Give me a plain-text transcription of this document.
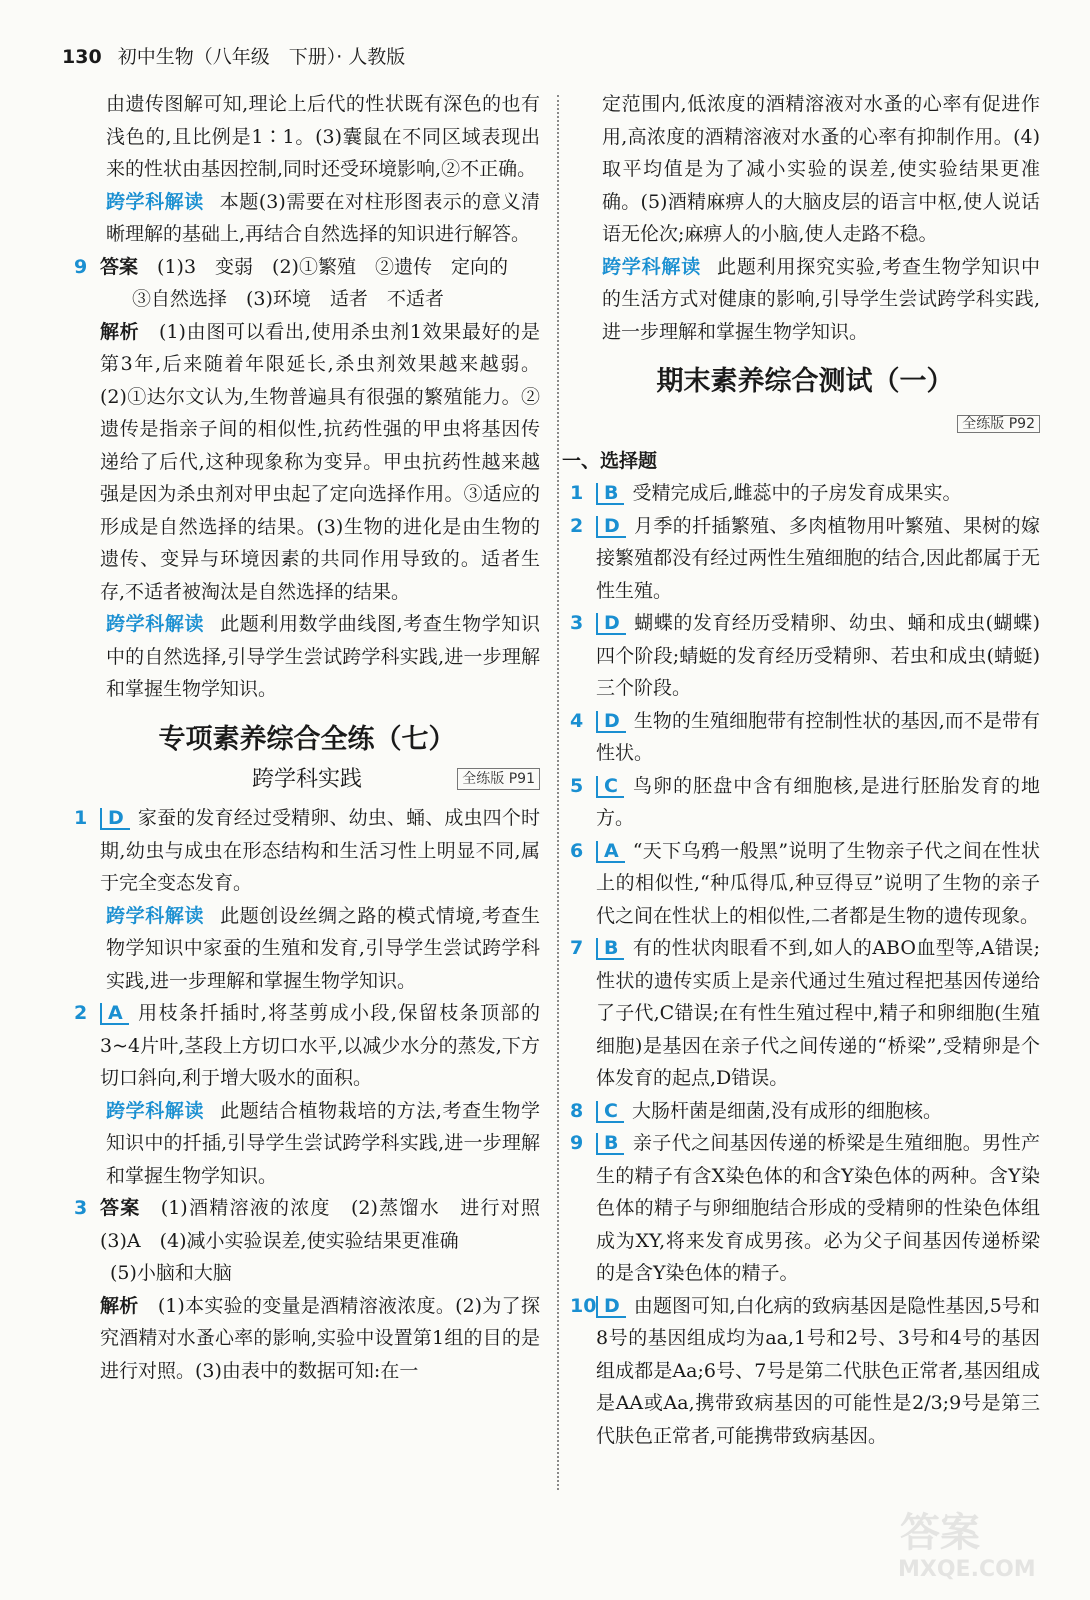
130 初中生物（八年级　下册）· 人教版

由遗传图解可知,理论上后代的性状既有深色的也有浅色的,且比例是1∶1。(3)囊鼠在不同区域表现出来的性状由基因控制,同时还受环境影响,②不正确。

跨学科解读 本题(3)需要在对柱形图表示的意义清晰理解的基础上,再结合自然选择的知识进行解答。

9 答案　 (1)3　变弱　(2)①繁殖　②遗传　定向的
③自然选择　(3)环境　适者　不适者
解析　 (1)由图可以看出,使用杀虫剂1效果最好的是第3年,后来随着年限延长,杀虫剂效果越来越弱。(2)①达尔文认为,生物普遍具有很强的繁殖能力。②遗传是指亲子间的相似性,抗药性强的甲虫将基因传递给了后代,这种现象称为变异。甲虫抗药性越来越强是因为杀虫剂对甲虫起了定向选择作用。③适应的形成是自然选择的结果。(3)生物的进化是由生物的遗传、变异与环境因素的共同作用导致的。适者生存,不适者被淘汰是自然选择的结果。

跨学科解读 此题利用数学曲线图,考查生物学知识中的自然选择,引导学生尝试跨学科实践,进一步理解和掌握生物学知识。

专项素养综合全练（七）
跨学科实践	全练版 P91
1	D 家蚕的发育经过受精卵、幼虫、蛹、成虫四个时期,幼虫与成虫在形态结构和生活习性上明显不同,属于完全变态发育。

跨学科解读 此题创设丝绸之路的模式情境,考查生物学知识中家蚕的生殖和发育,引导学生尝试跨学科实践,进一步理解和掌握生物学知识。

2	A 用枝条扦插时,将茎剪成小段,保留枝条顶部的3~4片叶,茎段上方切口水平,以减少水分的蒸发,下方切口斜向,利于增大吸水的面积。

跨学科解读 此题结合植物栽培的方法,考查生物学知识中的扦插,引导学生尝试跨学科实践,进一步理解和掌握生物学知识。

3 答案　 (1)酒精溶液的浓度　(2)蒸馏水　进行对照　(3)A　(4)减小实验误差,使实验结果更准确
(5)小脑和大脑
解析　 (1)本实验的变量是酒精溶液浓度。(2)为了探究酒精对水蚤心率的影响,实验中设置第1组的目的是进行对照。(3)由表中的数据可知:在一

定范围内,低浓度的酒精溶液对水蚤的心率有促进作用,高浓度的酒精溶液对水蚤的心率有抑制作用。(4)取平均值是为了减小实验的误差,使实验结果更准确。(5)酒精麻痹人的大脑皮层的语言中枢,使人说话语无伦次;麻痹人的小脑,使人走路不稳。

跨学科解读 此题利用探究实验,考查生物学知识中的生活方式对健康的影响,引导学生尝试跨学科实践,进一步理解和掌握生物学知识。

期末素养综合测试（一）
全练版 P92
一、选择题
1	B 受精完成后,雌蕊中的子房发育成果实。
2	D 月季的扦插繁殖、多肉植物用叶繁殖、果树的嫁接繁殖都没有经过两性生殖细胞的结合,因此都属于无性生殖。
3	D 蝴蝶的发育经历受精卵、幼虫、蛹和成虫(蝴蝶)四个阶段;蜻蜓的发育经历受精卵、若虫和成虫(蜻蜓)三个阶段。
4	D 生物的生殖细胞带有控制性状的基因,而不是带有性状。
5	C 鸟卵的胚盘中含有细胞核,是进行胚胎发育的地方。
6	A “天下乌鸦一般黑”说明了生物亲子代之间在性状上的相似性,“种瓜得瓜,种豆得豆”说明了生物的亲子代之间在性状上的相似性,二者都是生物的遗传现象。
7	B 有的性状肉眼看不到,如人的ABO血型等,A错误;性状的遗传实质上是亲代通过生殖过程把基因传递给了子代,C错误;在有性生殖过程中,精子和卵细胞(生殖细胞)是基因在亲子代之间传递的“桥梁”,受精卵是个体发育的起点,D错误。
8	C 大肠杆菌是细菌,没有成形的细胞核。
9	B 亲子代之间基因传递的桥梁是生殖细胞。男性产生的精子有含X染色体的和含Y染色体的两种。含Y染色体的精子与卵细胞结合形成的受精卵的性染色体组成为XY,将来发育成男孩。必为父子间基因传递桥梁的是含Y染色体的精子。
10 D 由题图可知,白化病的致病基因是隐性基因,5号和8号的基因组成均为aa,1号和2号、3号和4号的基因组成都是Aa;6号、7号是第二代肤色正常者,基因组成是AA或Aa,携带致病基因的可能性是2/3;9号是第三代肤色正常者,可能携带致病基因。
答案
MXQE.COM
